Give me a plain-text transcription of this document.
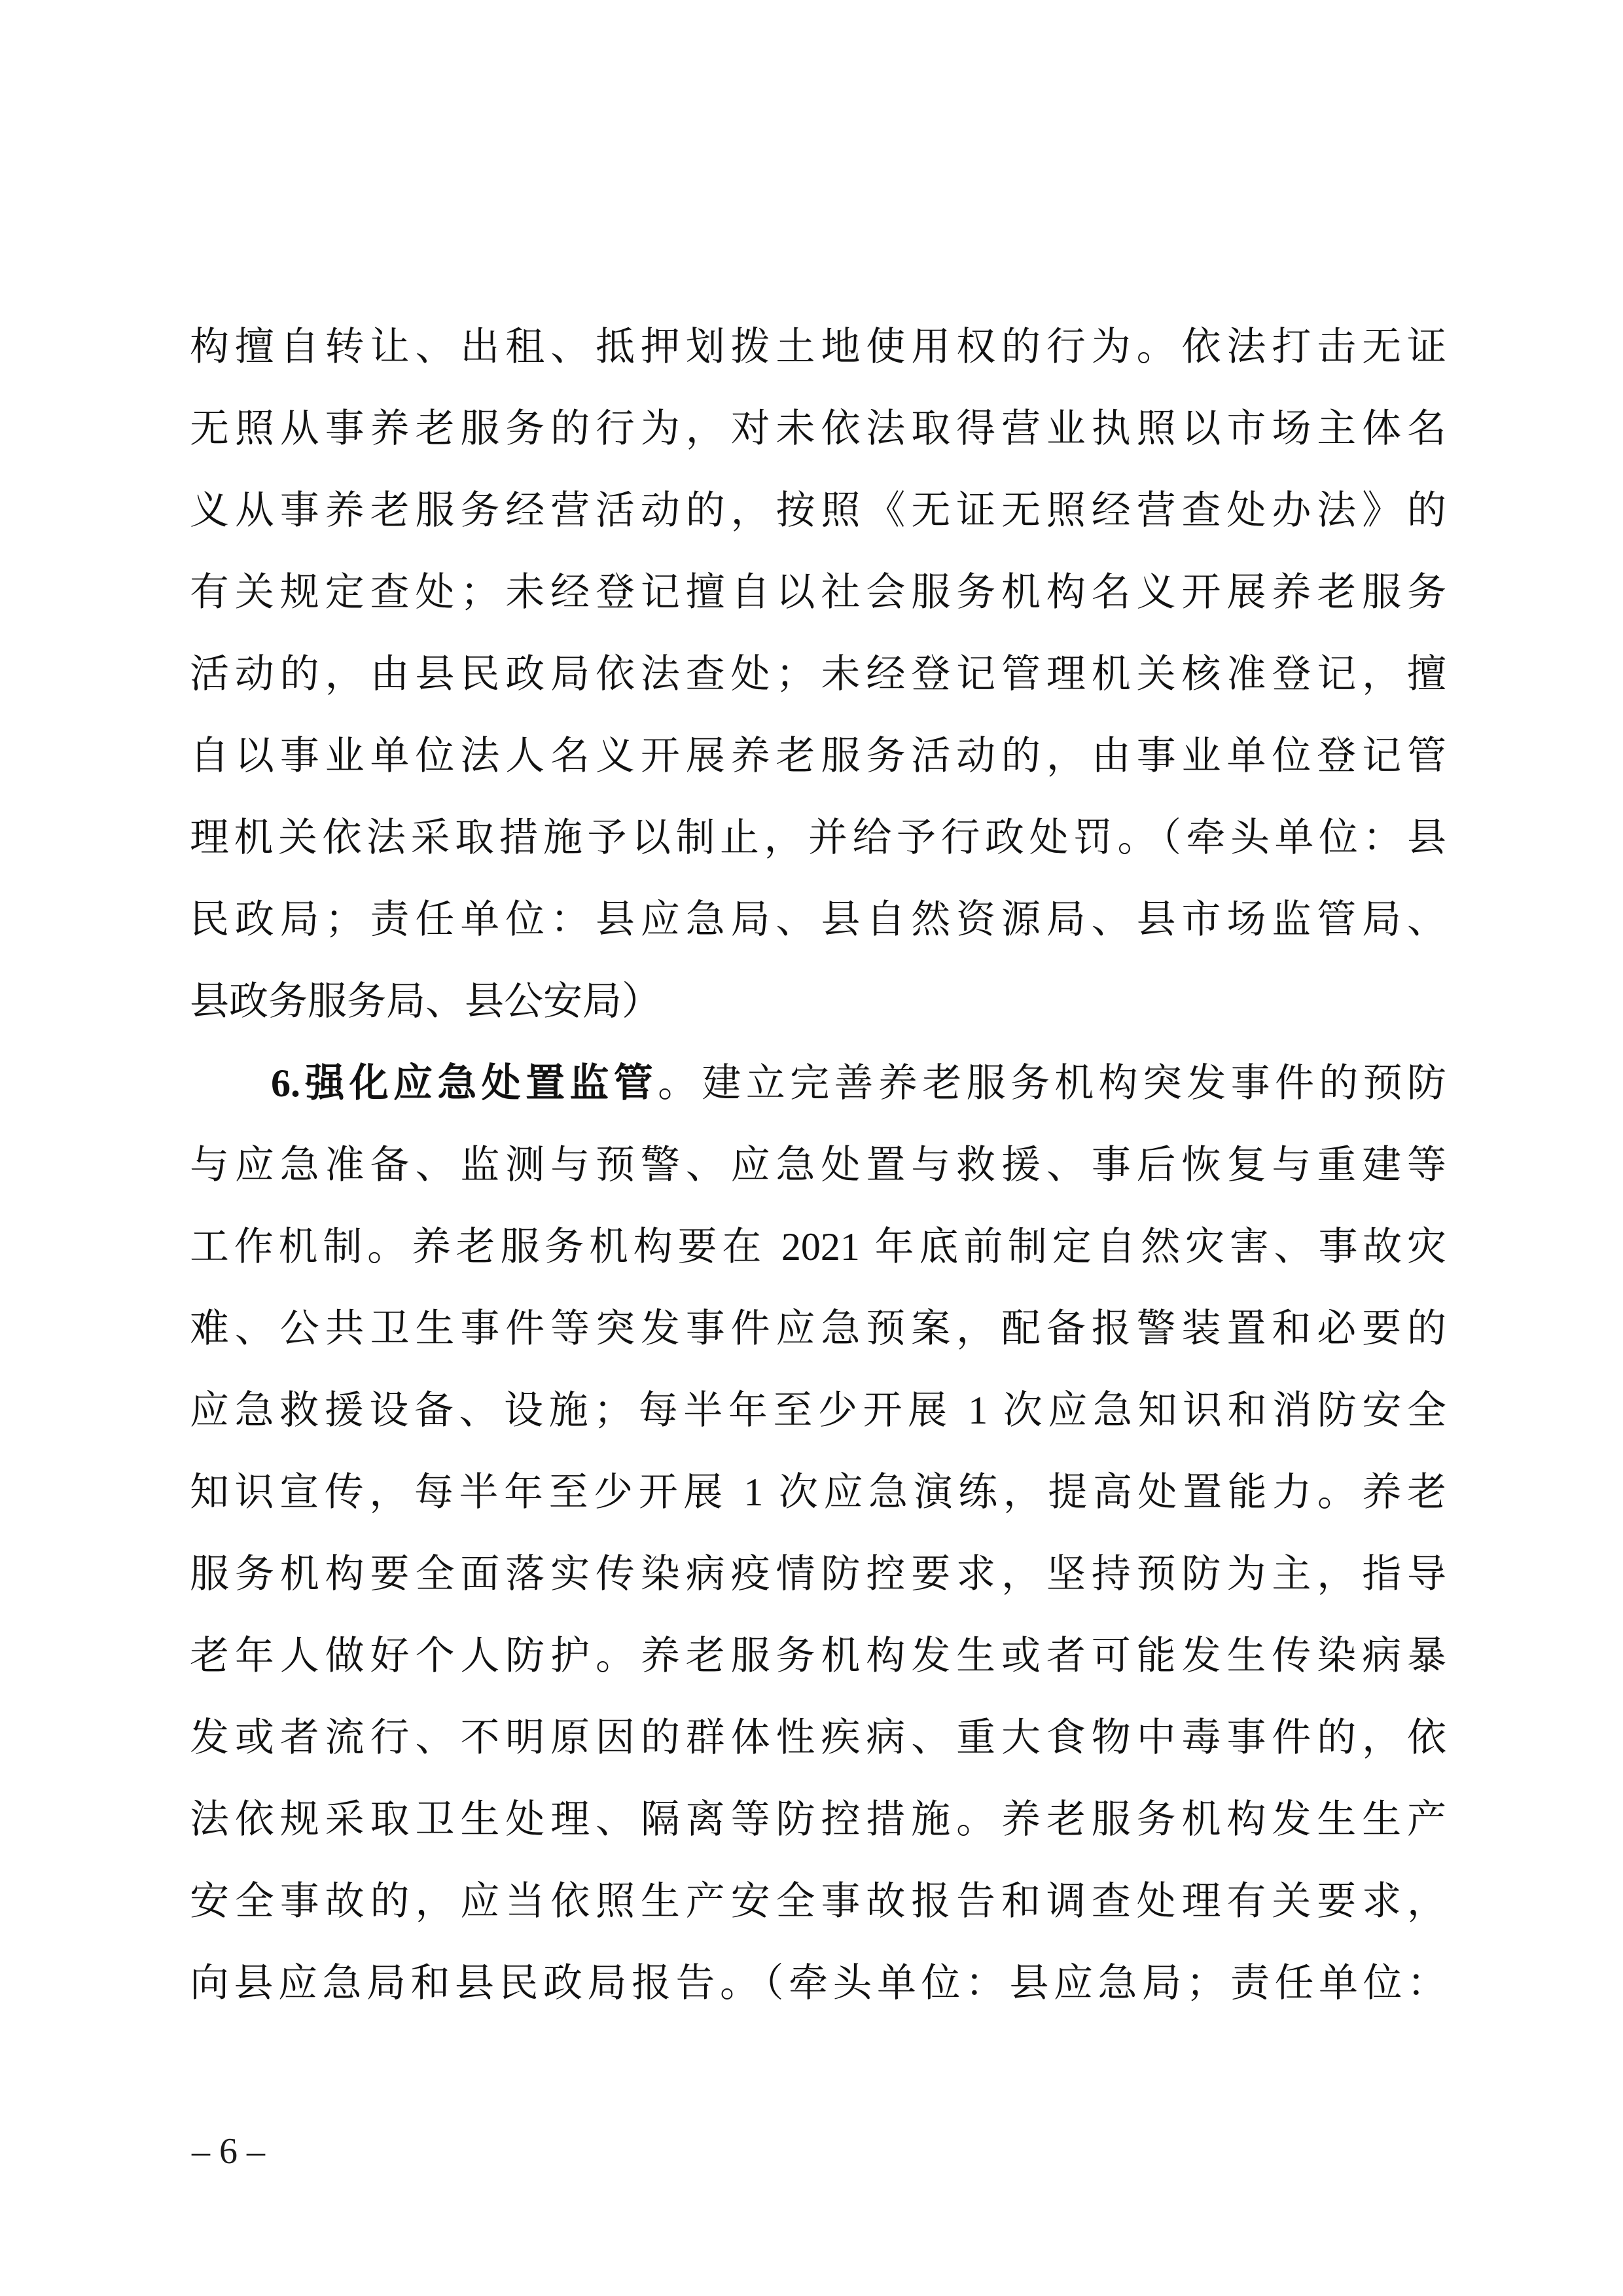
构擅自转让、出租、抵押划拨土地使用权的行为。依法打击无证
无照从事养老服务的行为，对未依法取得营业执照以市场主体名
义从事养老服务经营活动的，按照《无证无照经营查处办法》的
有关规定查处；未经登记擅自以社会服务机构名义开展养老服务
活动的，由县民政局依法查处；未经登记管理机关核准登记，擅
自以事业单位法人名义开展养老服务活动的，由事业单位登记管
理机关依法采取措施予以制止，并给予行政处罚。（牵头单位：县
民政局；责任单位：县应急局、县自然资源局、县市场监管局、
县政务服务局、县公安局）
6.强化应急处置监管。建立完善养老服务机构突发事件的预防
与应急准备、监测与预警、应急处置与救援、事后恢复与重建等
工作机制。养老服务机构要在 2021 年底前制定自然灾害、事故灾
难、公共卫生事件等突发事件应急预案，配备报警装置和必要的
应急救援设备、设施；每半年至少开展 1 次应急知识和消防安全
知识宣传，每半年至少开展 1 次应急演练，提高处置能力。养老
服务机构要全面落实传染病疫情防控要求，坚持预防为主，指导
老年人做好个人防护。养老服务机构发生或者可能发生传染病暴
发或者流行、不明原因的群体性疾病、重大食物中毒事件的，依
法依规采取卫生处理、隔离等防控措施。养老服务机构发生生产
安全事故的，应当依照生产安全事故报告和调查处理有关要求，
向县应急局和县民政局报告。（牵头单位：县应急局；责任单位：
– 6 –
